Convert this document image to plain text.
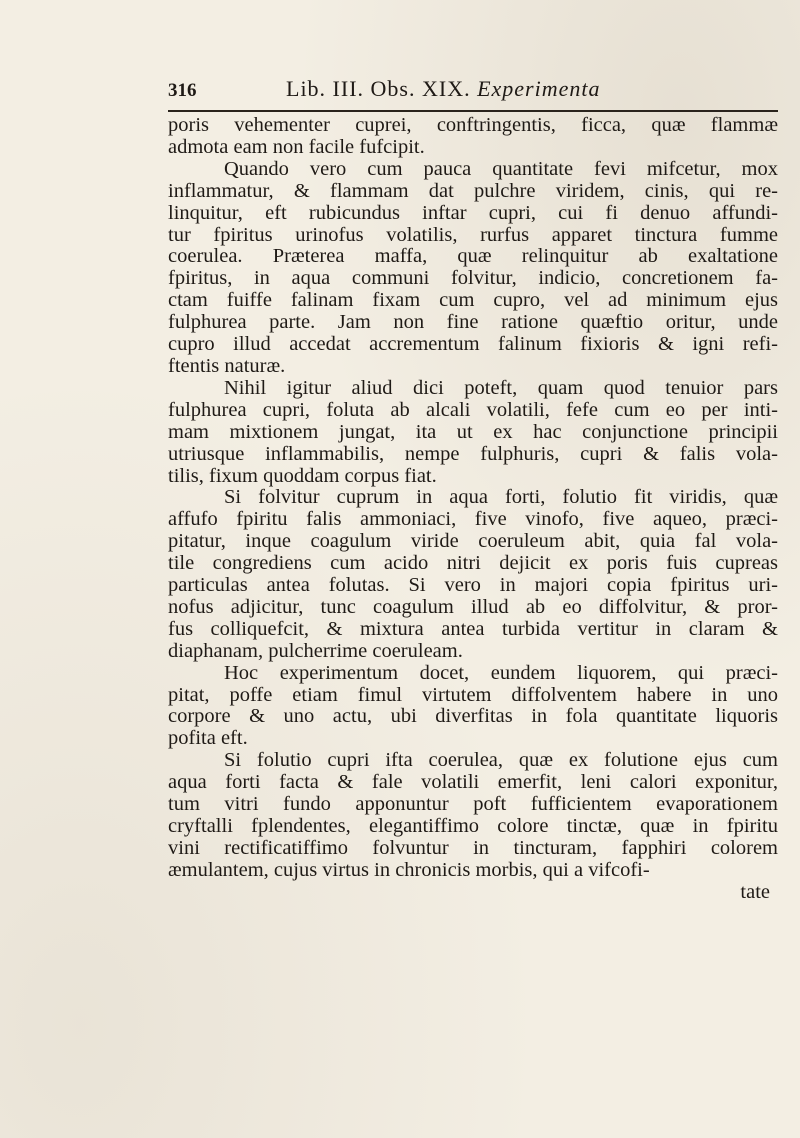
316	Lib. III. Obs. XIX. Experimenta
poris vehementer cuprei, conftringentis, ficca, quæ flammæ
admota eam non facile fufcipit.
Quando vero cum pauca quantitate fevi mifcetur, mox
inflammatur, & flammam dat pulchre viridem, cinis, qui re-
linquitur, eft rubicundus inftar cupri, cui fi denuo affundi-
tur fpiritus urinofus volatilis, rurfus apparet tinctura fumme
coerulea. Præterea maffa, quæ relinquitur ab exaltatione
fpiritus, in aqua communi folvitur, indicio, concretionem fa-
ctam fuiffe falinam fixam cum cupro, vel ad minimum ejus
fulphurea parte. Jam non fine ratione quæftio oritur, unde
cupro illud accedat accrementum falinum fixioris & igni refi-
ftentis naturæ.
Nihil igitur aliud dici poteft, quam quod tenuior pars
fulphurea cupri, foluta ab alcali volatili, fefe cum eo per inti-
mam mixtionem jungat, ita ut ex hac conjunctione principii
utriusque inflammabilis, nempe fulphuris, cupri & falis vola-
tilis, fixum quoddam corpus fiat.
Si folvitur cuprum in aqua forti, folutio fit viridis, quæ
affufo fpiritu falis ammoniaci, five vinofo, five aqueo, præci-
pitatur, inque coagulum viride coeruleum abit, quia fal vola-
tile congrediens cum acido nitri dejicit ex poris fuis cupreas
particulas antea folutas. Si vero in majori copia fpiritus uri-
nofus adjicitur, tunc coagulum illud ab eo diffolvitur, & pror-
fus colliquefcit, & mixtura antea turbida vertitur in claram &
diaphanam, pulcherrime coeruleam.
Hoc experimentum docet, eundem liquorem, qui præci-
pitat, poffe etiam fimul virtutem diffolventem habere in uno
corpore & uno actu, ubi diverfitas in fola quantitate liquoris
pofita eft.
Si folutio cupri ifta coerulea, quæ ex folutione ejus cum
aqua forti facta & fale volatili emerfit, leni calori exponitur,
tum vitri fundo apponuntur poft fufficientem evaporationem
cryftalli fplendentes, elegantiffimo colore tinctæ, quæ in fpiritu
vini rectificatiffimo folvuntur in tincturam, fapphiri colorem
æmulantem, cujus virtus in chronicis morbis, qui a vifcofi-
tate
